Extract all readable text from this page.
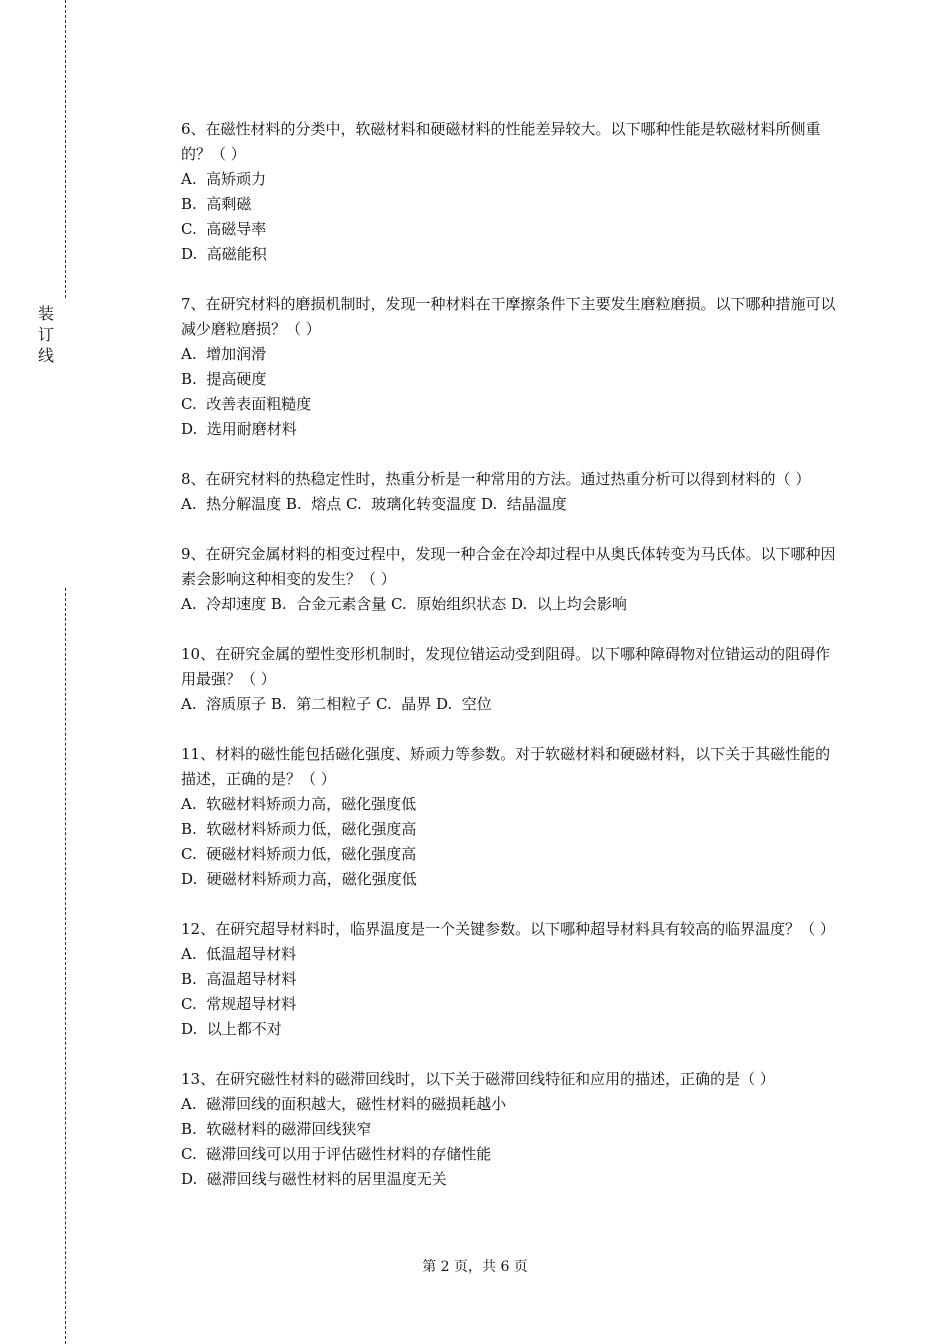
装
订
线

6、在磁性材料的分类中，软磁材料和硬磁材料的性能差异较大。以下哪种性能是软磁材料所侧重的？（ ）

A.  高矫顽力

B.  高剩磁

C.  高磁导率

D.  高磁能积

7、在研究材料的磨损机制时，发现一种材料在干摩擦条件下主要发生磨粒磨损。以下哪种措施可以减少磨粒磨损？（ ）

A.  增加润滑

B.  提高硬度

C.  改善表面粗糙度

D.  选用耐磨材料

8、在研究材料的热稳定性时，热重分析是一种常用的方法。通过热重分析可以得到材料的（ ）

A.  热分解温度 B.  熔点 C.  玻璃化转变温度 D.  结晶温度

9、在研究金属材料的相变过程中，发现一种合金在冷却过程中从奥氏体转变为马氏体。以下哪种因素会影响这种相变的发生？（ ）

A.  冷却速度 B.  合金元素含量 C.  原始组织状态 D.  以上均会影响

10、在研究金属的塑性变形机制时，发现位错运动受到阻碍。以下哪种障碍物对位错运动的阻碍作用最强？（ ）

A.  溶质原子 B.  第二相粒子 C.  晶界 D.  空位

11、材料的磁性能包括磁化强度、矫顽力等参数。对于软磁材料和硬磁材料，以下关于其磁性能的描述，正确的是？（ ）

A.  软磁材料矫顽力高，磁化强度低

B.  软磁材料矫顽力低，磁化强度高

C.  硬磁材料矫顽力低，磁化强度高

D.  硬磁材料矫顽力高，磁化强度低

12、在研究超导材料时，临界温度是一个关键参数。以下哪种超导材料具有较高的临界温度？（ ）

A.  低温超导材料

B.  高温超导材料

C.  常规超导材料

D.  以上都不对

13、在研究磁性材料的磁滞回线时，以下关于磁滞回线特征和应用的描述，正确的是（ ）

A.  磁滞回线的面积越大，磁性材料的磁损耗越小

B.  软磁材料的磁滞回线狭窄

C.  磁滞回线可以用于评估磁性材料的存储性能

D.  磁滞回线与磁性材料的居里温度无关

第 2 页，共 6 页
